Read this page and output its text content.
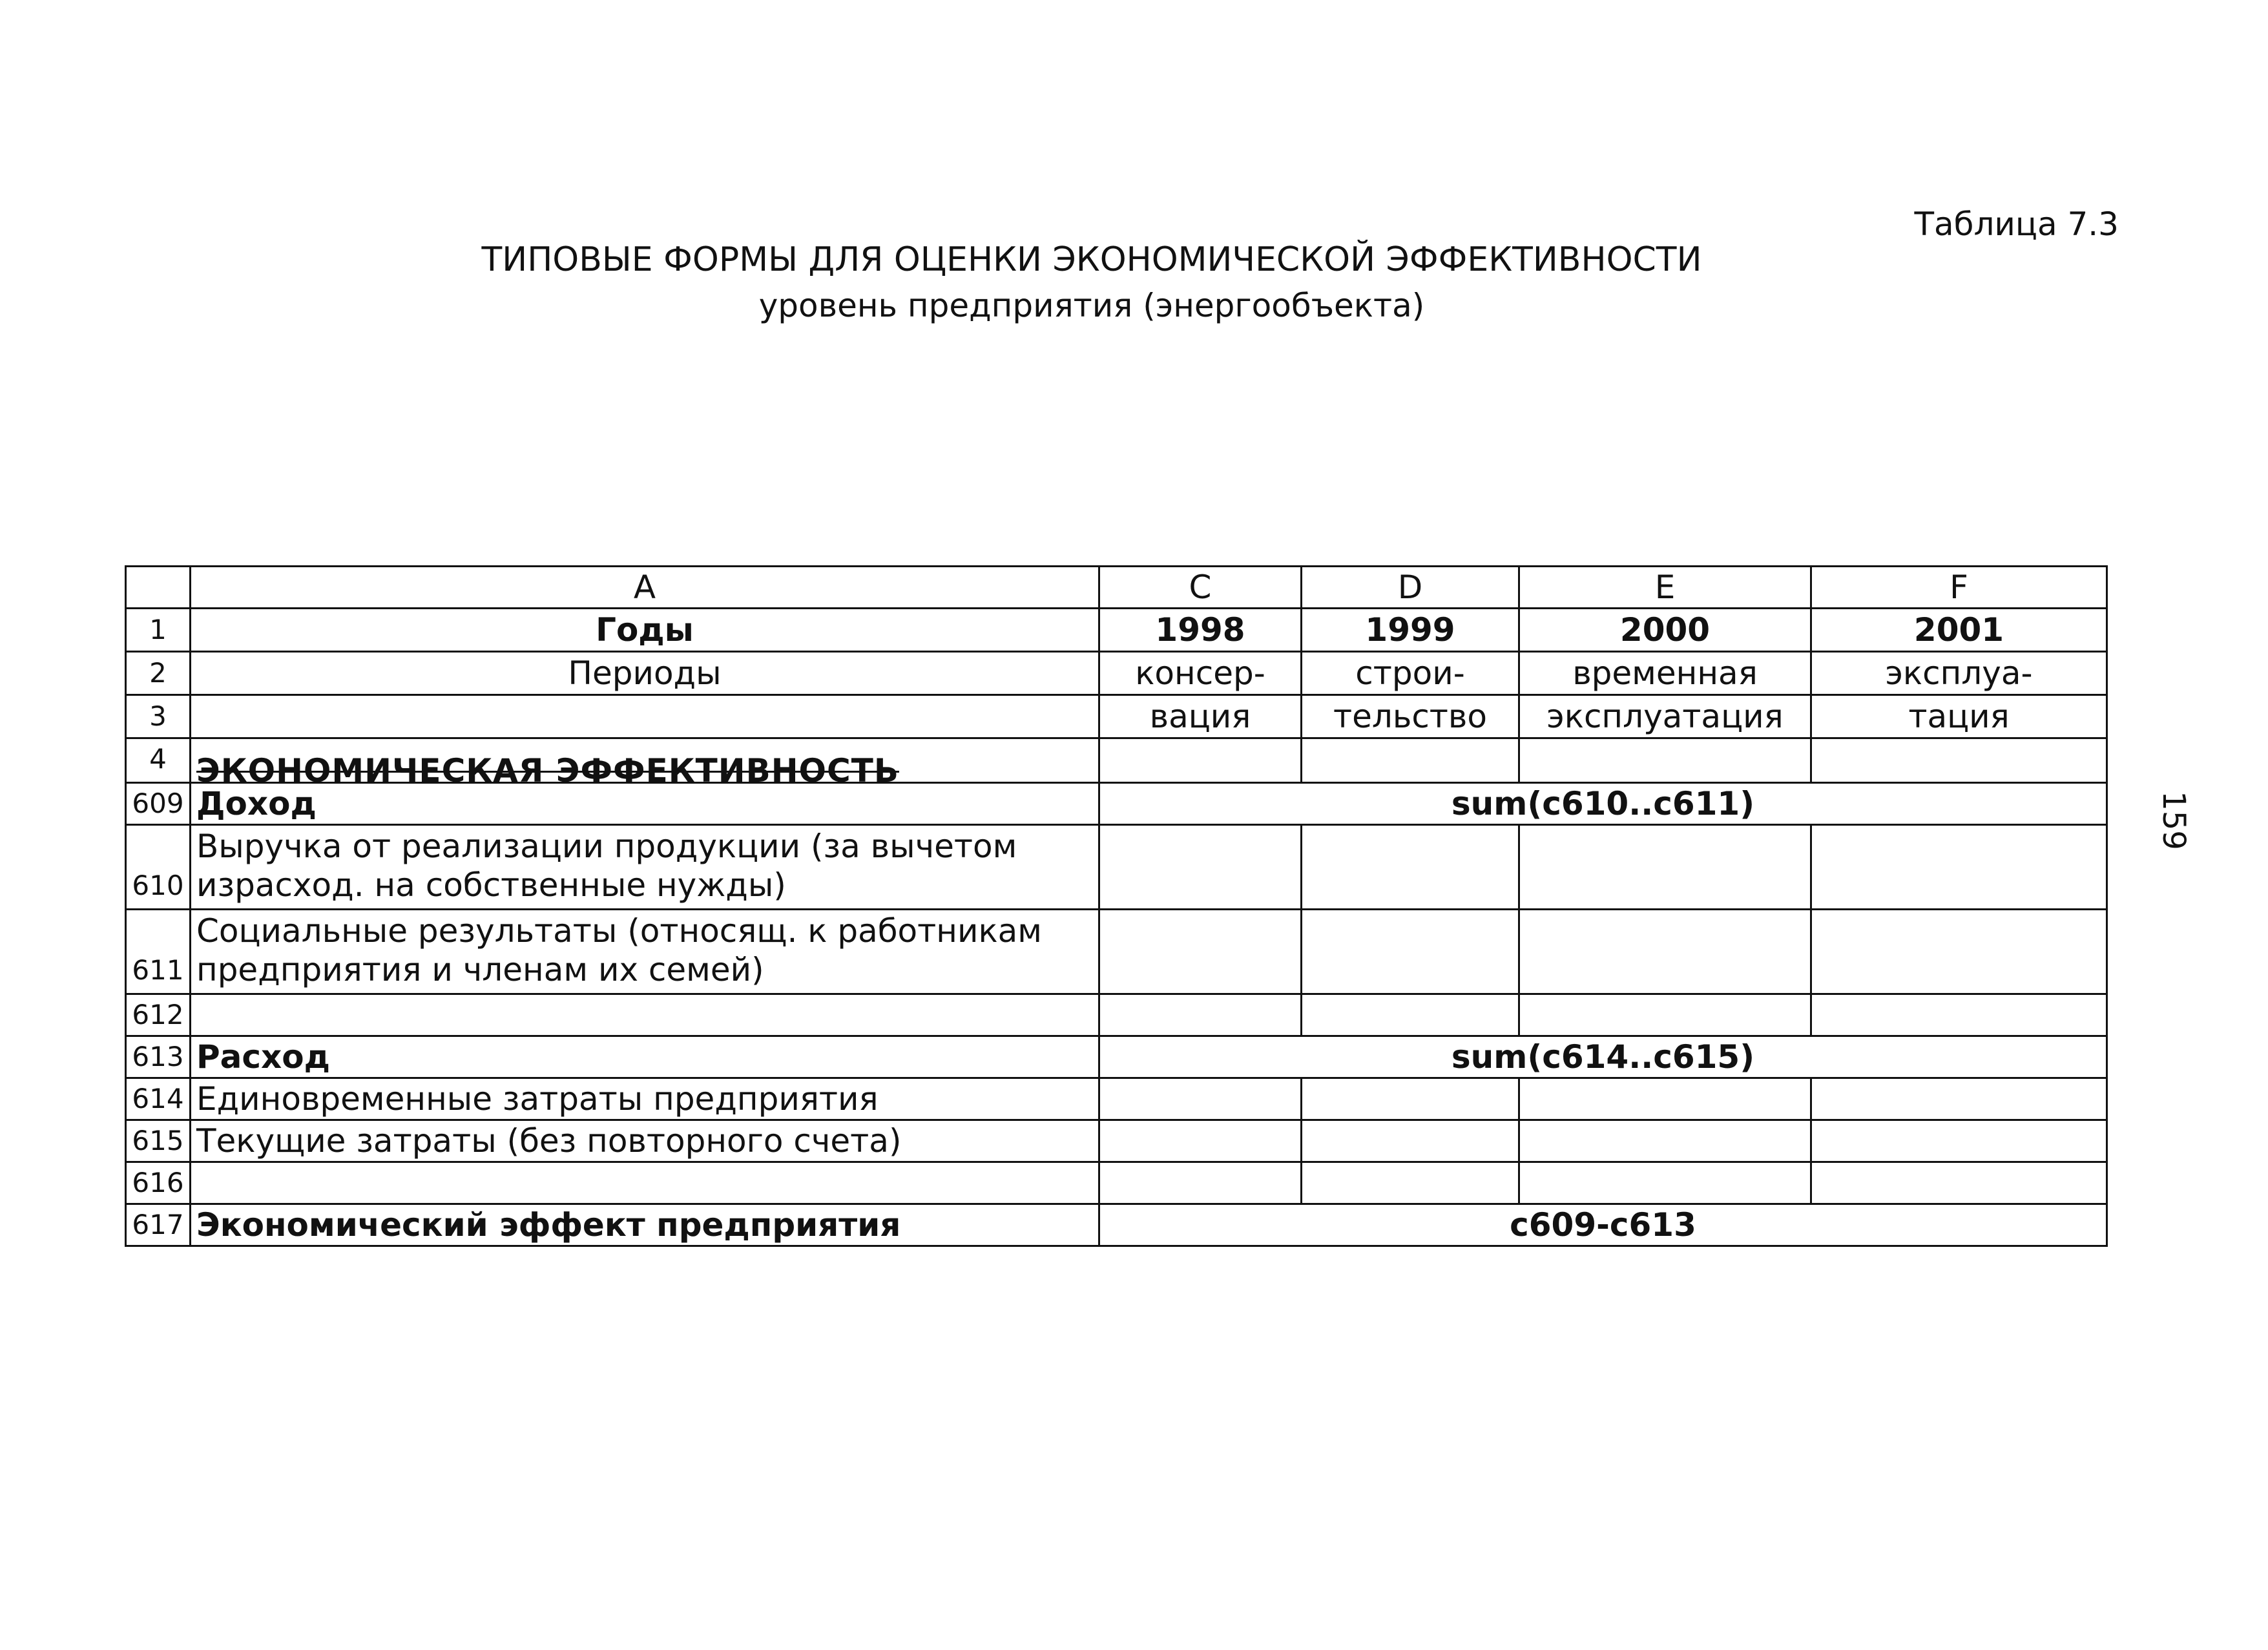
Таблица 7.3
ТИПОВЫЕ ФОРМЫ ДЛЯ ОЦЕНКИ ЭКОНОМИЧЕСКОЙ ЭФФЕКТИВНОСТИ
уровень предприятия (энергообъекта)
159
	A	C	D	E	F
1	Годы	1998	1999	2000	2001
2	Периоды	консер-	строи-	временная	эксплуа-
3		вация	тельство	эксплуатация	тация
4	ЭКОНОМИЧЕСКАЯ ЭФФЕКТИВНОСТЬ				

609	Доход	sum(c610..c611)			
610	Выручка от реализации продукции (за вычетом израсход. на собственные нужды)				
611	Социальные результаты (относящ. к работникам предприятия и членам их семей)				
612					
613	Расход	sum(c614..c615)			
614	Единовременные затраты предприятия				
615	Текущие затраты (без повторного счета)				
616					
617	Экономический эффект предприятия	c609-c613			
